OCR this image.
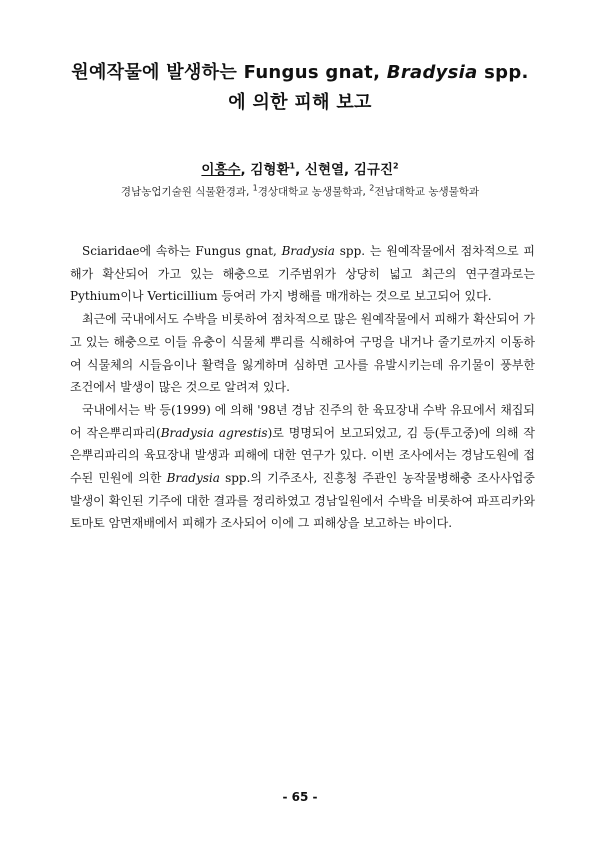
원예작물에 발생하는 Fungus gnat, Bradysia spp.
에 의한 피해 보고
이흥수, 김형환$^1$, 신현열, 김규진$^2$
경남농업기술원 식물환경과, $^1$경상대학교 농생물학과, $^2$전남대학교 농생물학과

Sciaridae에 속하는 Fungus gnat, Bradysia spp. 는 원예작물에서 점차적으로 피해가 확산되어 가고 있는 해충으로 기주범위가 상당히 넓고 최근의 연구결과로는 Pythium이나 Verticillium 등여러 가지 병해를 매개하는 것으로 보고되어 있다.

최근에 국내에서도 수박을 비롯하여 점차적으로 많은 원예작물에서 피해가 확산되어 가고 있는 해충으로 이들 유충이 식물체 뿌리를 식해하여 구멍을 내거나 줄기로까지 이동하여 식물체의 시들음이나 활력을 잃게하며 심하면 고사를 유발시키는데 유기물이 풍부한 조건에서 발생이 많은 것으로 알려져 있다.

국내에서는 박 등(1999) 에 의해 '98년 경남 진주의 한 육묘장내 수박 유묘에서 채집되어 작은뿌리파리(Bradysia agrestis)로 명명되어 보고되었고, 김 등(투고중)에 의해 작은뿌리파리의 육묘장내 발생과 피해에 대한 연구가 있다. 이번 조사에서는 경남도원에 접수된 민원에 의한 Bradysia spp.의 기주조사, 진흥청 주관인 농작물병해충 조사사업중 발생이 확인된 기주에 대한 결과를 정리하였고 경남일원에서 수박을 비롯하여 파프리카와 토마토 암면재배에서 피해가 조사되어 이에 그 피해상을 보고하는 바이다.

- 65 -
